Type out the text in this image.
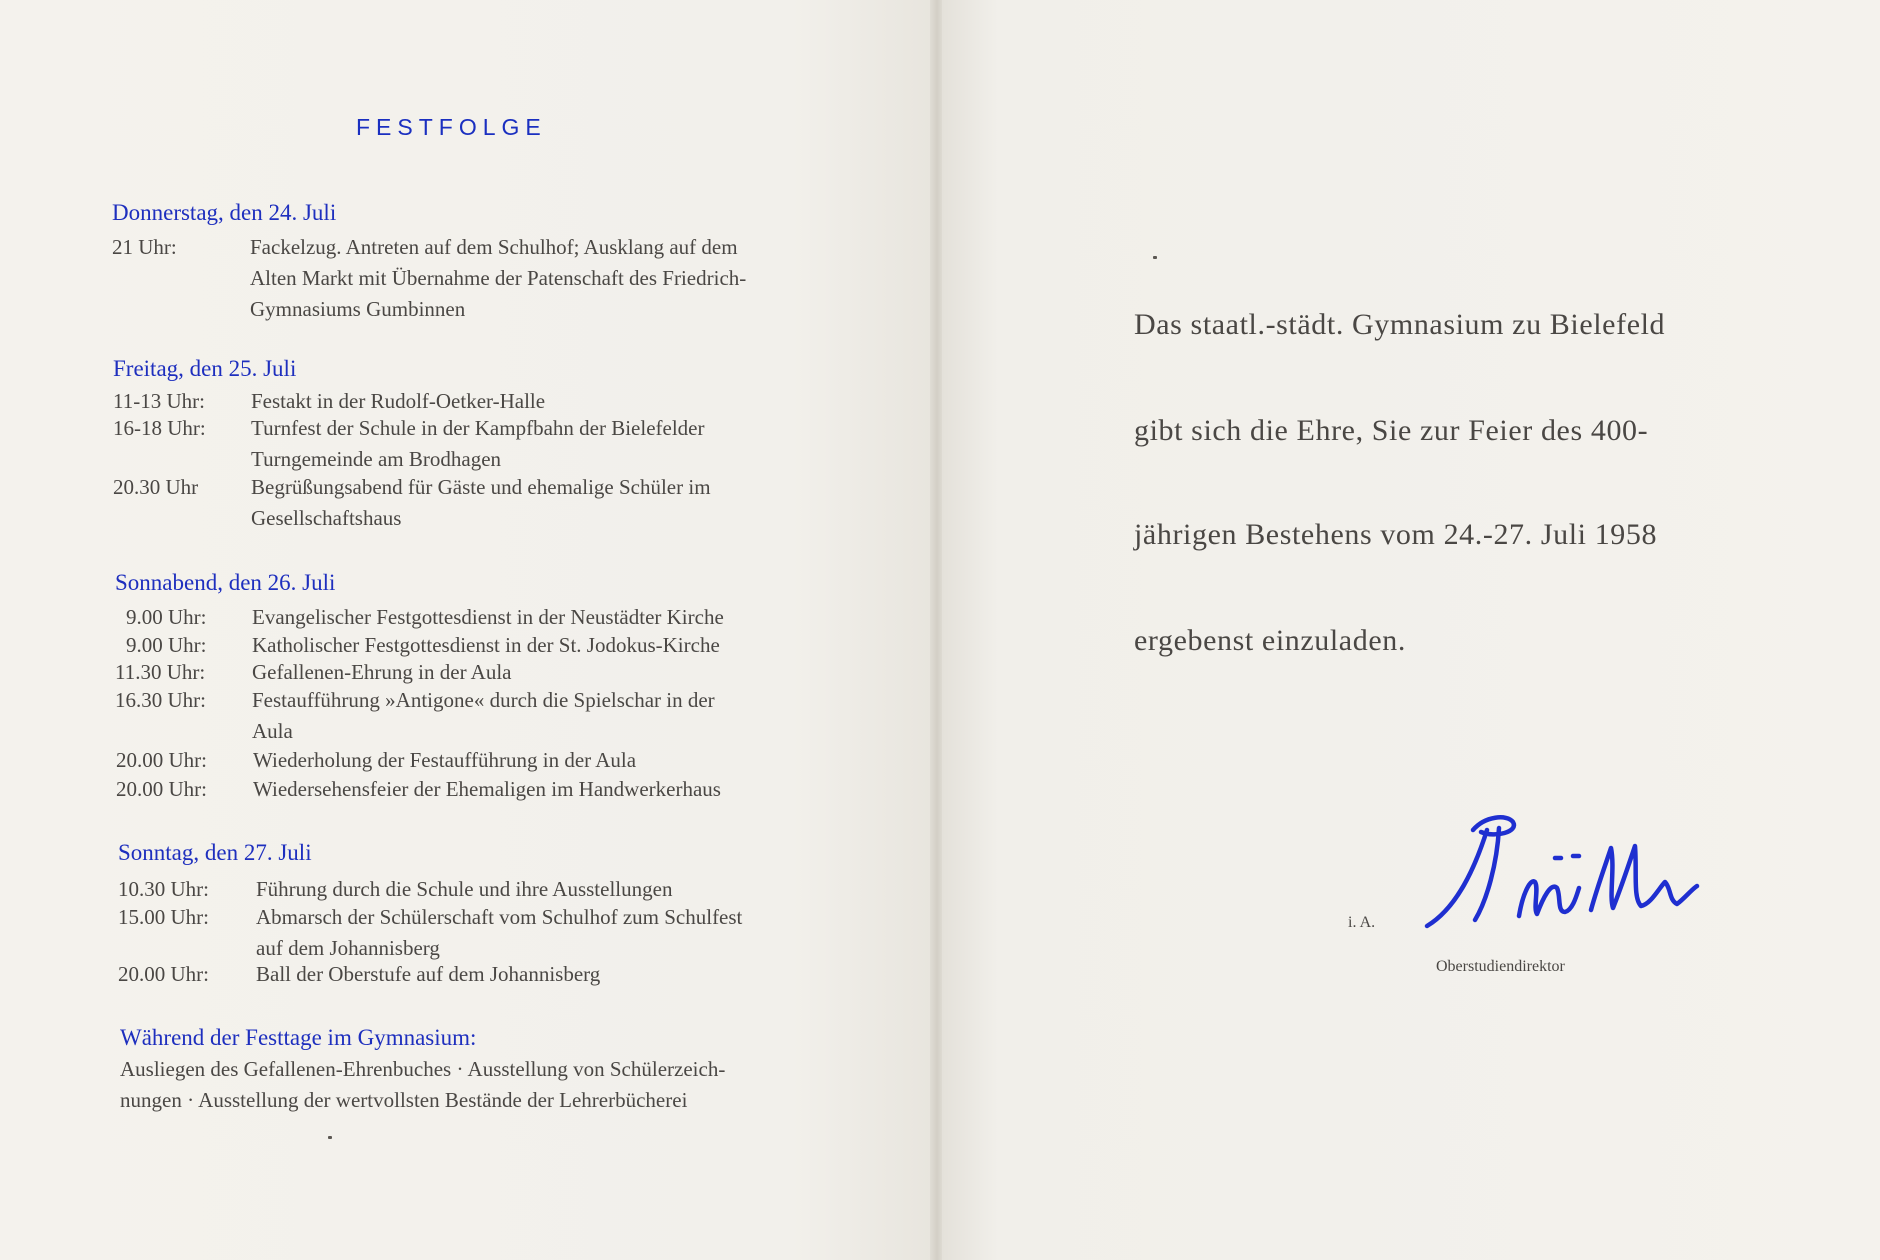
FESTFOLGE
Donnerstag, den 24. Juli
21 Uhr:	Fackelzug. Antreten auf dem Schulhof; Ausklang auf dem
Alten Markt mit Übernahme der Patenschaft des Friedrich-
Gymnasiums Gumbinnen
Freitag, den 25. Juli
11-13 Uhr: Festakt in der Rudolf-Oetker-Halle
16-18 Uhr: Turnfest der Schule in der Kampfbahn der Bielefelder
Turngemeinde am Brodhagen
20.30 Uhr	Begrüßungsabend für Gäste und ehemalige Schüler im
Gesellschaftshaus
Sonnabend, den 26. Juli
9.00 Uhr: Evangelischer Festgottesdienst in der Neustädter Kirche
9.00 Uhr: Katholischer Festgottesdienst in der St. Jodokus-Kirche
11.30 Uhr: Gefallenen-Ehrung in der Aula
16.30 Uhr: Festaufführung »Antigone« durch die Spielschar in der
Aula
20.00 Uhr: Wiederholung der Festaufführung in der Aula
20.00 Uhr: Wiedersehensfeier der Ehemaligen im Handwerkerhaus
Sonntag, den 27. Juli
10.30 Uhr: Führung durch die Schule und ihre Ausstellungen
15.00 Uhr: Abmarsch der Schülerschaft vom Schulhof zum Schulfest
auf dem Johannisberg
20.00 Uhr: Ball der Oberstufe auf dem Johannisberg
Während der Festtage im Gymnasium:
Ausliegen des Gefallenen-Ehrenbuches · Ausstellung von Schülerzeich-
nungen · Ausstellung der wertvollsten Bestände der Lehrerbücherei
Das staatl.-städt. Gymnasium zu Bielefeld
gibt sich die Ehre, Sie zur Feier des 400-
jährigen Bestehens vom 24.-27. Juli 1958
ergebenst einzuladen.
i. A.
Oberstudiendirektor
